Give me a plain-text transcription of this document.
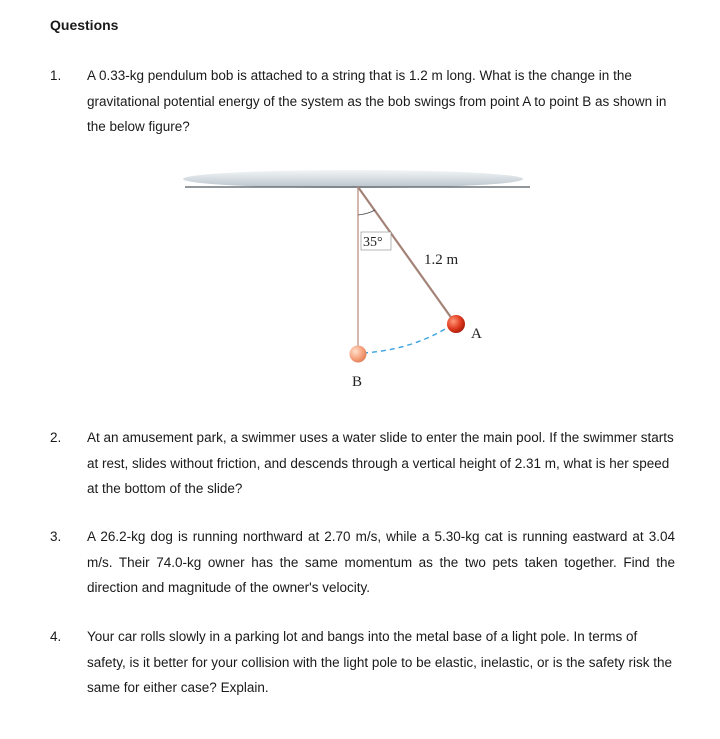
Questions
1.	A 0.33-kg pendulum bob is attached to a string that is 1.2 m long. What is the change in the gravitational potential energy of the system as the bob swings from point A to point B as shown in the below figure?
35°
1.2 m
A
B
2.	At an amusement park, a swimmer uses a water slide to enter the main pool. If the swimmer starts at rest, slides without friction, and descends through a vertical height of 2.31 m, what is her speed at the bottom of the slide?
3.	A 26.2-kg dog is running northward at 2.70 m/s, while a 5.30-kg cat is running eastward at 3.04 m/s. Their 74.0-kg owner has the same momentum as the two pets taken together. Find the direction and magnitude of the owner's velocity.
4.	Your car rolls slowly in a parking lot and bangs into the metal base of a light pole. In terms of safety, is it better for your collision with the light pole to be elastic, inelastic, or is the safety risk the same for either case? Explain.
